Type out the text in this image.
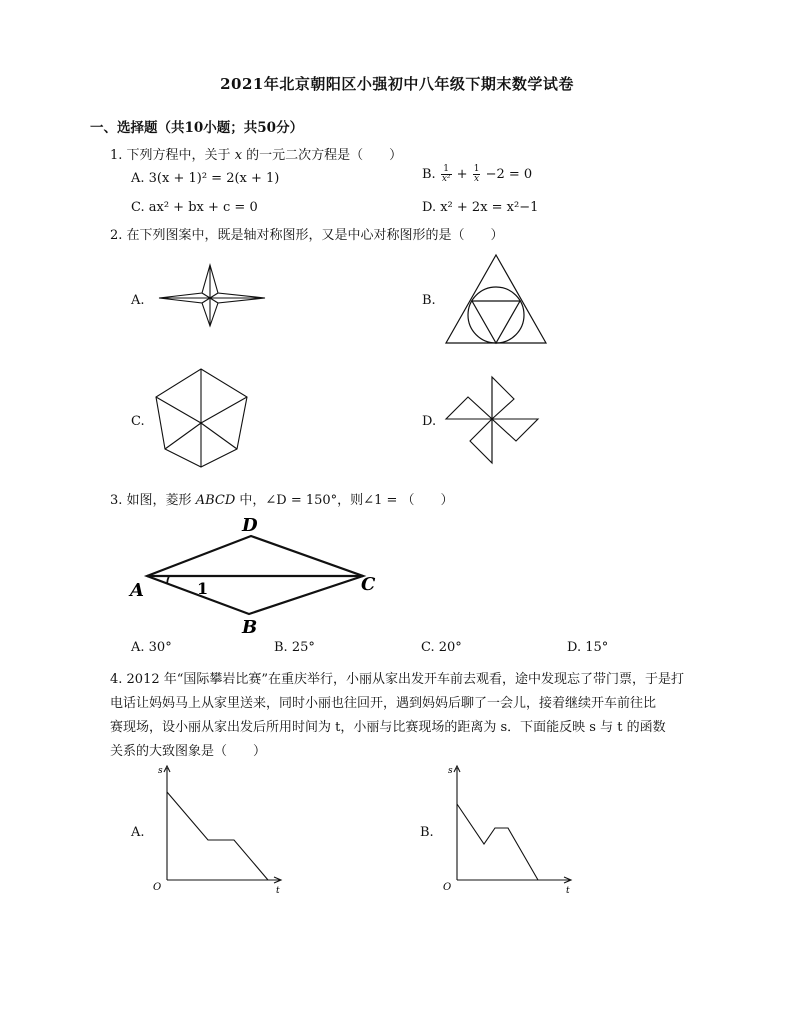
2021年北京朝阳区小强初中八年级下期末数学试卷
一、选择题（共10小题；共50分）
1. 下列方程中，关于 x 的一元二次方程是（　　）
A. 3(x + 1)² = 2(x + 1)	B. $\frac{1}{\text{x²}} + \frac{1}{x} -2 = 0$
C. ax² + bx + c = 0	D. x² + 2x = x²−1
2. 在下列图案中，既是轴对称图形，又是中心对称图形的是（　　）
A.	B.
C.	D.
3. 如图，菱形 ABCD 中，∠D = 150°，则∠1 = （　　）
D
A	C
B
1
A. 30°	B. 25°	C. 20°	D. 15°
4. 2012 年“国际攀岩比赛”在重庆举行，小丽从家出发开车前去观看，途中发现忘了带门票，于是打
电话让妈妈马上从家里送来，同时小丽也往回开，遇到妈妈后聊了一会儿，接着继续开车前往比
赛现场，设小丽从家出发后所用时间为 t，小丽与比赛现场的距离为 s．下面能反映 s 与 t 的函数
关系的大致图象是（　　）
A.
s
t
O
B.
s
t
O
